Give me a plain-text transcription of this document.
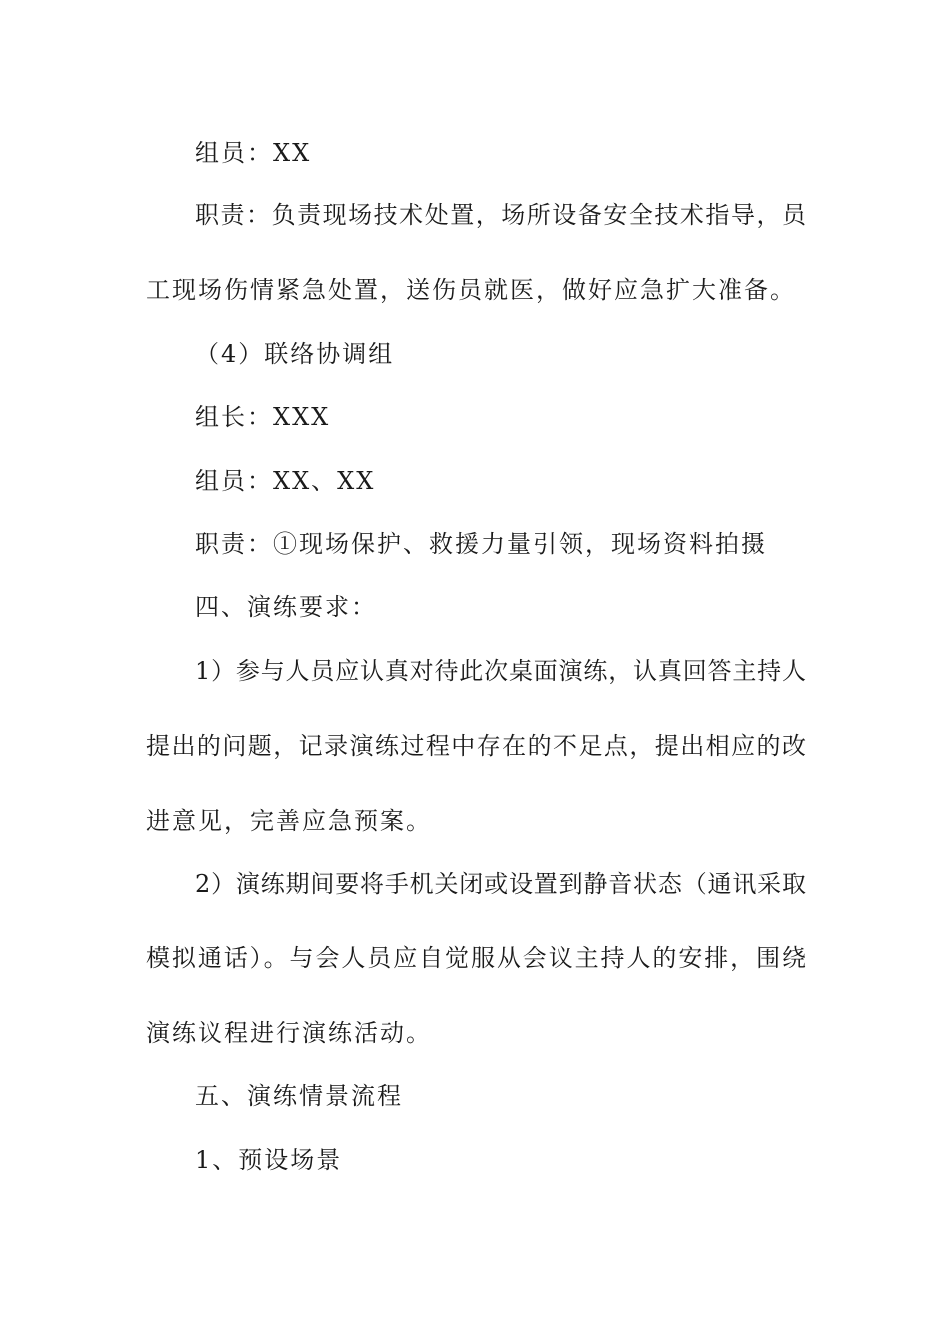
组员：XX
职责：负责现场技术处置，场所设备安全技术指导，员
工现场伤情紧急处置，送伤员就医，做好应急扩大准备。
（4）联络协调组
组长：XXX
组员：XX、XX
职责：①现场保护、救援力量引领，现场资料拍摄
四、演练要求：
1）参与人员应认真对待此次桌面演练，认真回答主持人
提出的问题，记录演练过程中存在的不足点，提出相应的改
进意见，完善应急预案。
2）演练期间要将手机关闭或设置到静音状态（通讯采取
模拟通话）。与会人员应自觉服从会议主持人的安排，围绕
演练议程进行演练活动。
五、演练情景流程
1、预设场景
